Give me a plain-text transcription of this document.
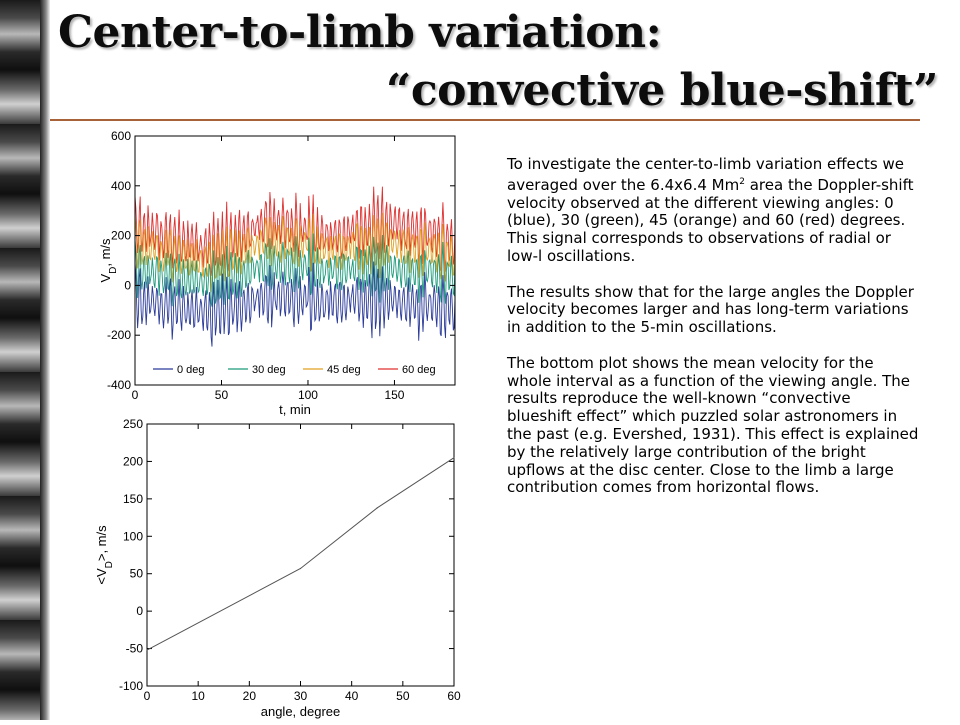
Center-to-limb variation:
“convective blue-shift”
0	50	100	150
-400
-200
0
200
400
600
0 deg	30 deg	45 deg	60 deg
t, min
$V_D$, m/s
0	10	20	30	40	50	60
-100
-50
0
50
100
150
200
250
angle, degree
$<V_D>$, m/s

To investigate the center-to-limb variation effects we averaged over the 6.4x6.4 Mm$^2$ area the Doppler-shift velocity observed at the different viewing angles: 0 (blue), 30 (green), 45 (orange) and 60 (red) degrees. This signal corresponds to observations of radial or low-l oscillations.

The results show that for the large angles the Doppler velocity becomes larger and has long-term variations in addition to the 5-min oscillations.

The bottom plot shows the mean velocity for the whole interval as a function of the viewing angle. The results reproduce the well-known “convective blueshift effect” which puzzled solar astronomers in the past (e.g. Evershed, 1931). This effect is explained by the relatively large contribution of the bright upflows at the disc center. Close to the limb a large contribution comes from horizontal flows.
